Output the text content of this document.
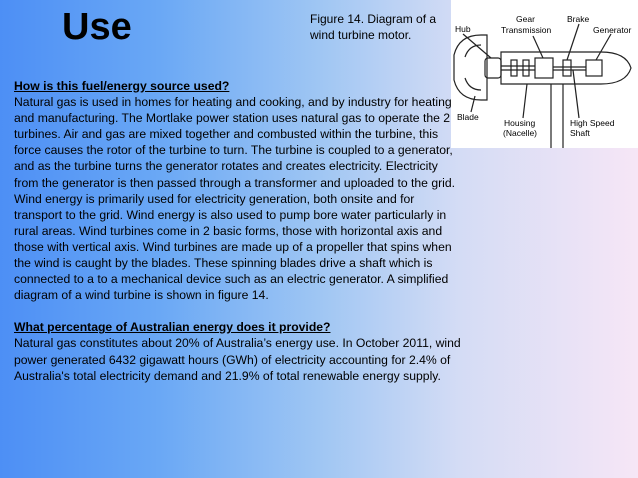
Use	Figure 14. Diagram of a wind turbine motor.	Hub
Gear
Transmission
Brake
Generator
Blade
Housing
(Nacelle)
High Speed
Shaft

How is this fuel/energy source used?

Natural gas is used in homes for heating and cooking, and by industry for heating and manufacturing. The Mortlake power station uses natural gas to operate the 2 turbines. Air and gas are mixed together and combusted within the turbine, this force causes the rotor of the turbine to turn. The turbine is coupled to a generator, and as the turbine turns the generator rotates and creates electricity. Electricity from the generator is then passed through a transformer and uploaded to the grid. Wind energy is primarily used for electricity generation, both onsite and for transport to the grid. Wind energy is also used to pump bore water particularly in rural areas. Wind turbines come in 2 basic forms, those with horizontal axis and those with vertical axis. Wind turbines are made up of a propeller that spins when the wind is caught by the blades. These spinning blades drive a shaft which is connected to a to a mechanical device such as an electric generator. A simplified diagram of a wind turbine is shown in figure 14.

What percentage of Australian energy does it provide?

Natural gas constitutes about 20% of Australia’s energy use. In October 2011, wind power generated 6432 gigawatt hours (GWh) of electricity accounting for 2.4% of Australia's total electricity demand and 21.9% of total renewable energy supply.
